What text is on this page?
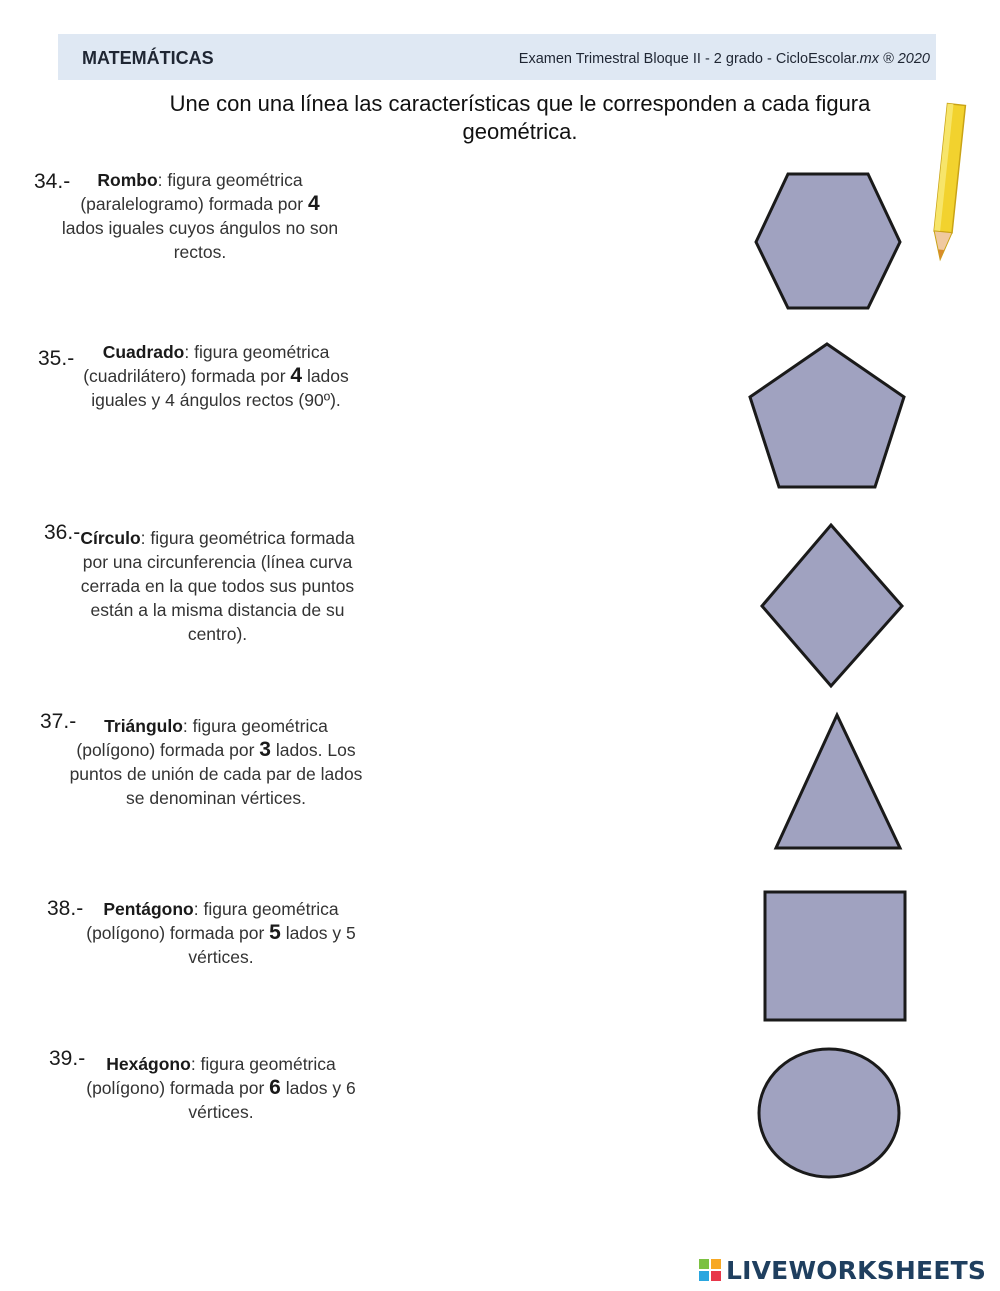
MATEMÁTICAS	Examen Trimestral Bloque II - 2 grado - CicloEscolar.mx ® 2020
Une con una línea las características que le corresponden a cada figura geométrica.
34.-	Rombo: figura geométrica (paralelogramo) formada por 4 lados iguales cuyos ángulos no son rectos.
35.-	Cuadrado: figura geométrica (cuadrilátero) formada por 4 lados iguales y 4 ángulos rectos (90º).
36.- Círculo: figura geométrica formada por una circunferencia (línea curva cerrada en la que todos sus puntos están a la misma distancia de su centro).
37.-	Triángulo: figura geométrica (polígono) formada por 3 lados. Los puntos de unión de cada par de lados se denominan vértices.
38.-	Pentágono: figura geométrica (polígono) formada por 5 lados y 5 vértices.
39.-	Hexágono: figura geométrica (polígono) formada por 6 lados y 6 vértices.
LIVEWORKSHEETS
